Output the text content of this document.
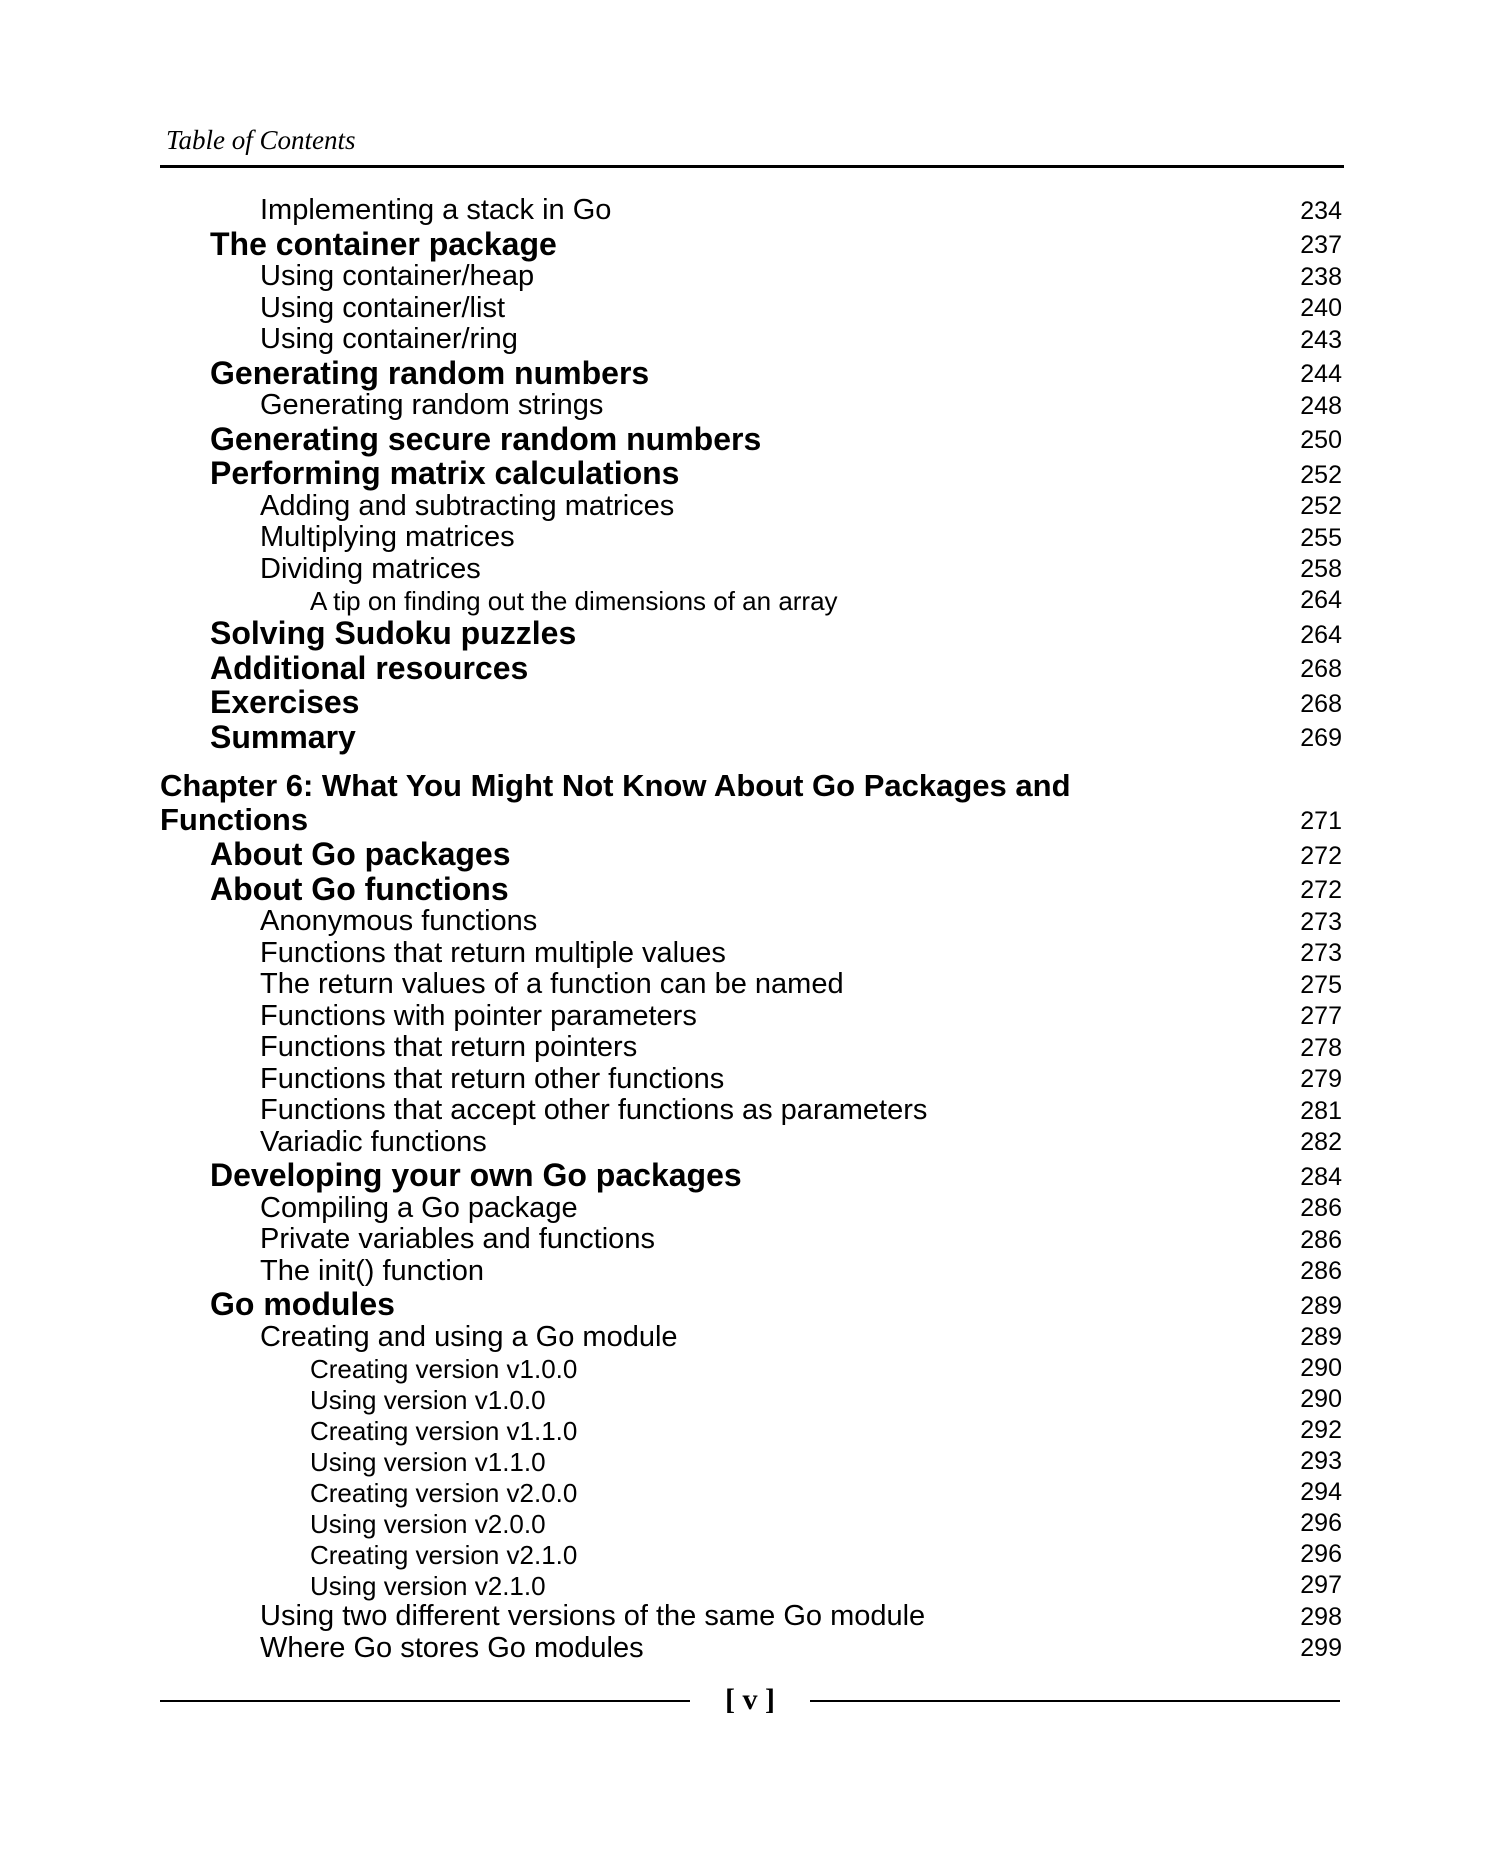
Table of Contents
Implementing a stack in Go	234
The container package	237
Using container/heap	238
Using container/list	240
Using container/ring	243
Generating random numbers	244
Generating random strings	248
Generating secure random numbers	250
Performing matrix calculations	252
Adding and subtracting matrices	252
Multiplying matrices	255
Dividing matrices	258
A tip on finding out the dimensions of an array	264
Solving Sudoku puzzles	264
Additional resources	268
Exercises	268
Summary	269
Chapter 6: What You Might Not Know About Go Packages and Functions	271
About Go packages	272
About Go functions	272
Anonymous functions	273
Functions that return multiple values	273
The return values of a function can be named	275
Functions with pointer parameters	277
Functions that return pointers	278
Functions that return other functions	279
Functions that accept other functions as parameters	281
Variadic functions	282
Developing your own Go packages	284
Compiling a Go package	286
Private variables and functions	286
The init() function	286
Go modules	289
Creating and using a Go module	289
Creating version v1.0.0	290
Using version v1.0.0	290
Creating version v1.1.0	292
Using version v1.1.0	293
Creating version v2.0.0	294
Using version v2.0.0	296
Creating version v2.1.0	296
Using version v2.1.0	297
Using two different versions of the same Go module	298
Where Go stores Go modules	299
[ v ]
